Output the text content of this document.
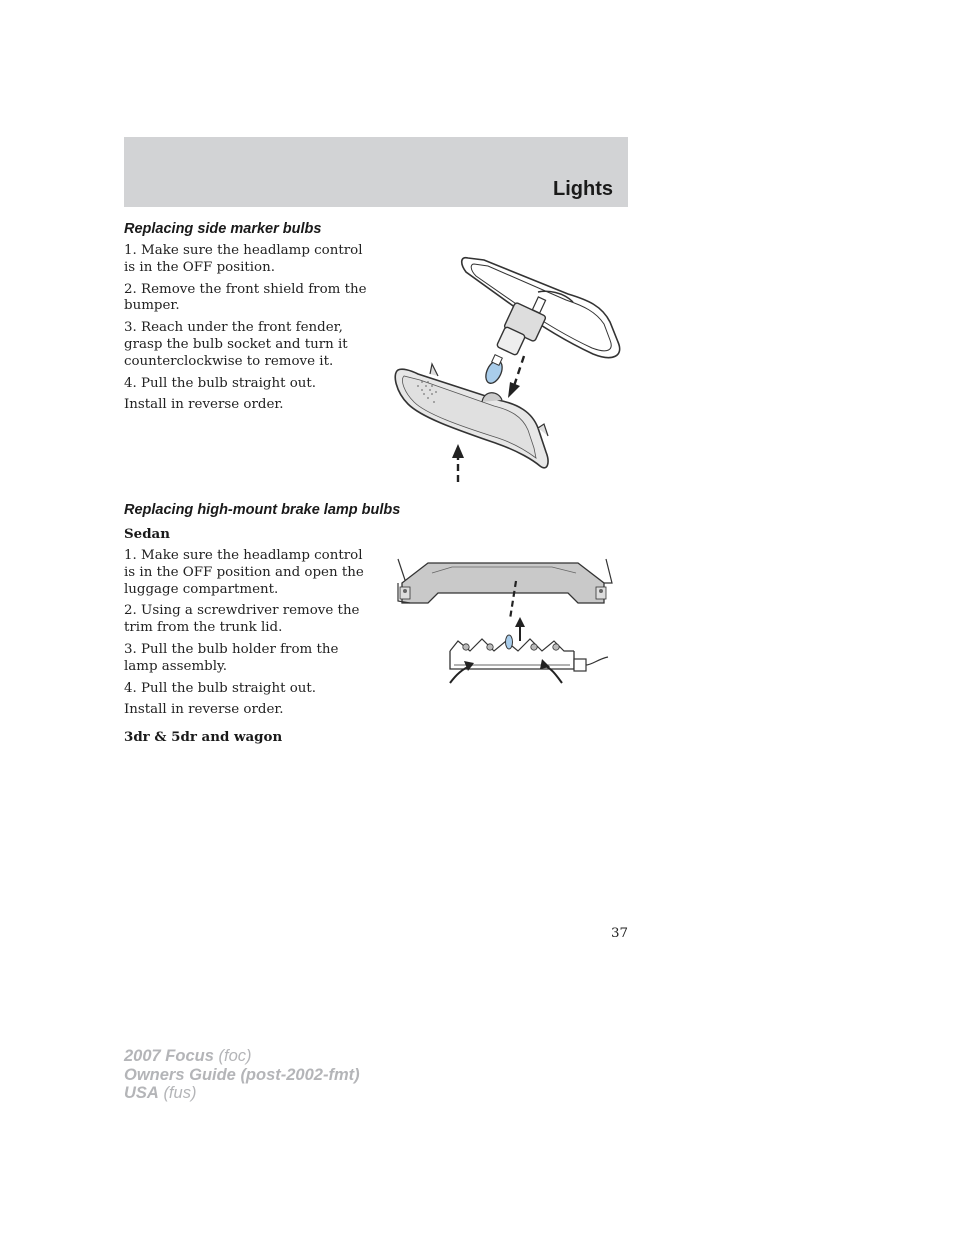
Lights
Replacing side marker bulbs

1. Make sure the headlamp control is in the OFF position.

2. Remove the front shield from the bumper.

3. Reach under the front fender, grasp the bulb socket and turn it counterclockwise to remove it.

4. Pull the bulb straight out.

Install in reverse order.

Replacing high-mount brake lamp bulbs
Sedan

1. Make sure the headlamp control is in the OFF position and open the luggage compartment.

2. Using a screwdriver remove the trim from the trunk lid.

3. Pull the bulb holder from the lamp assembly.

4. Pull the bulb straight out.

Install in reverse order.

3dr & 5dr and wagon
37
2007 Focus (foc)
Owners Guide (post-2002-fmt)
USA (fus)
